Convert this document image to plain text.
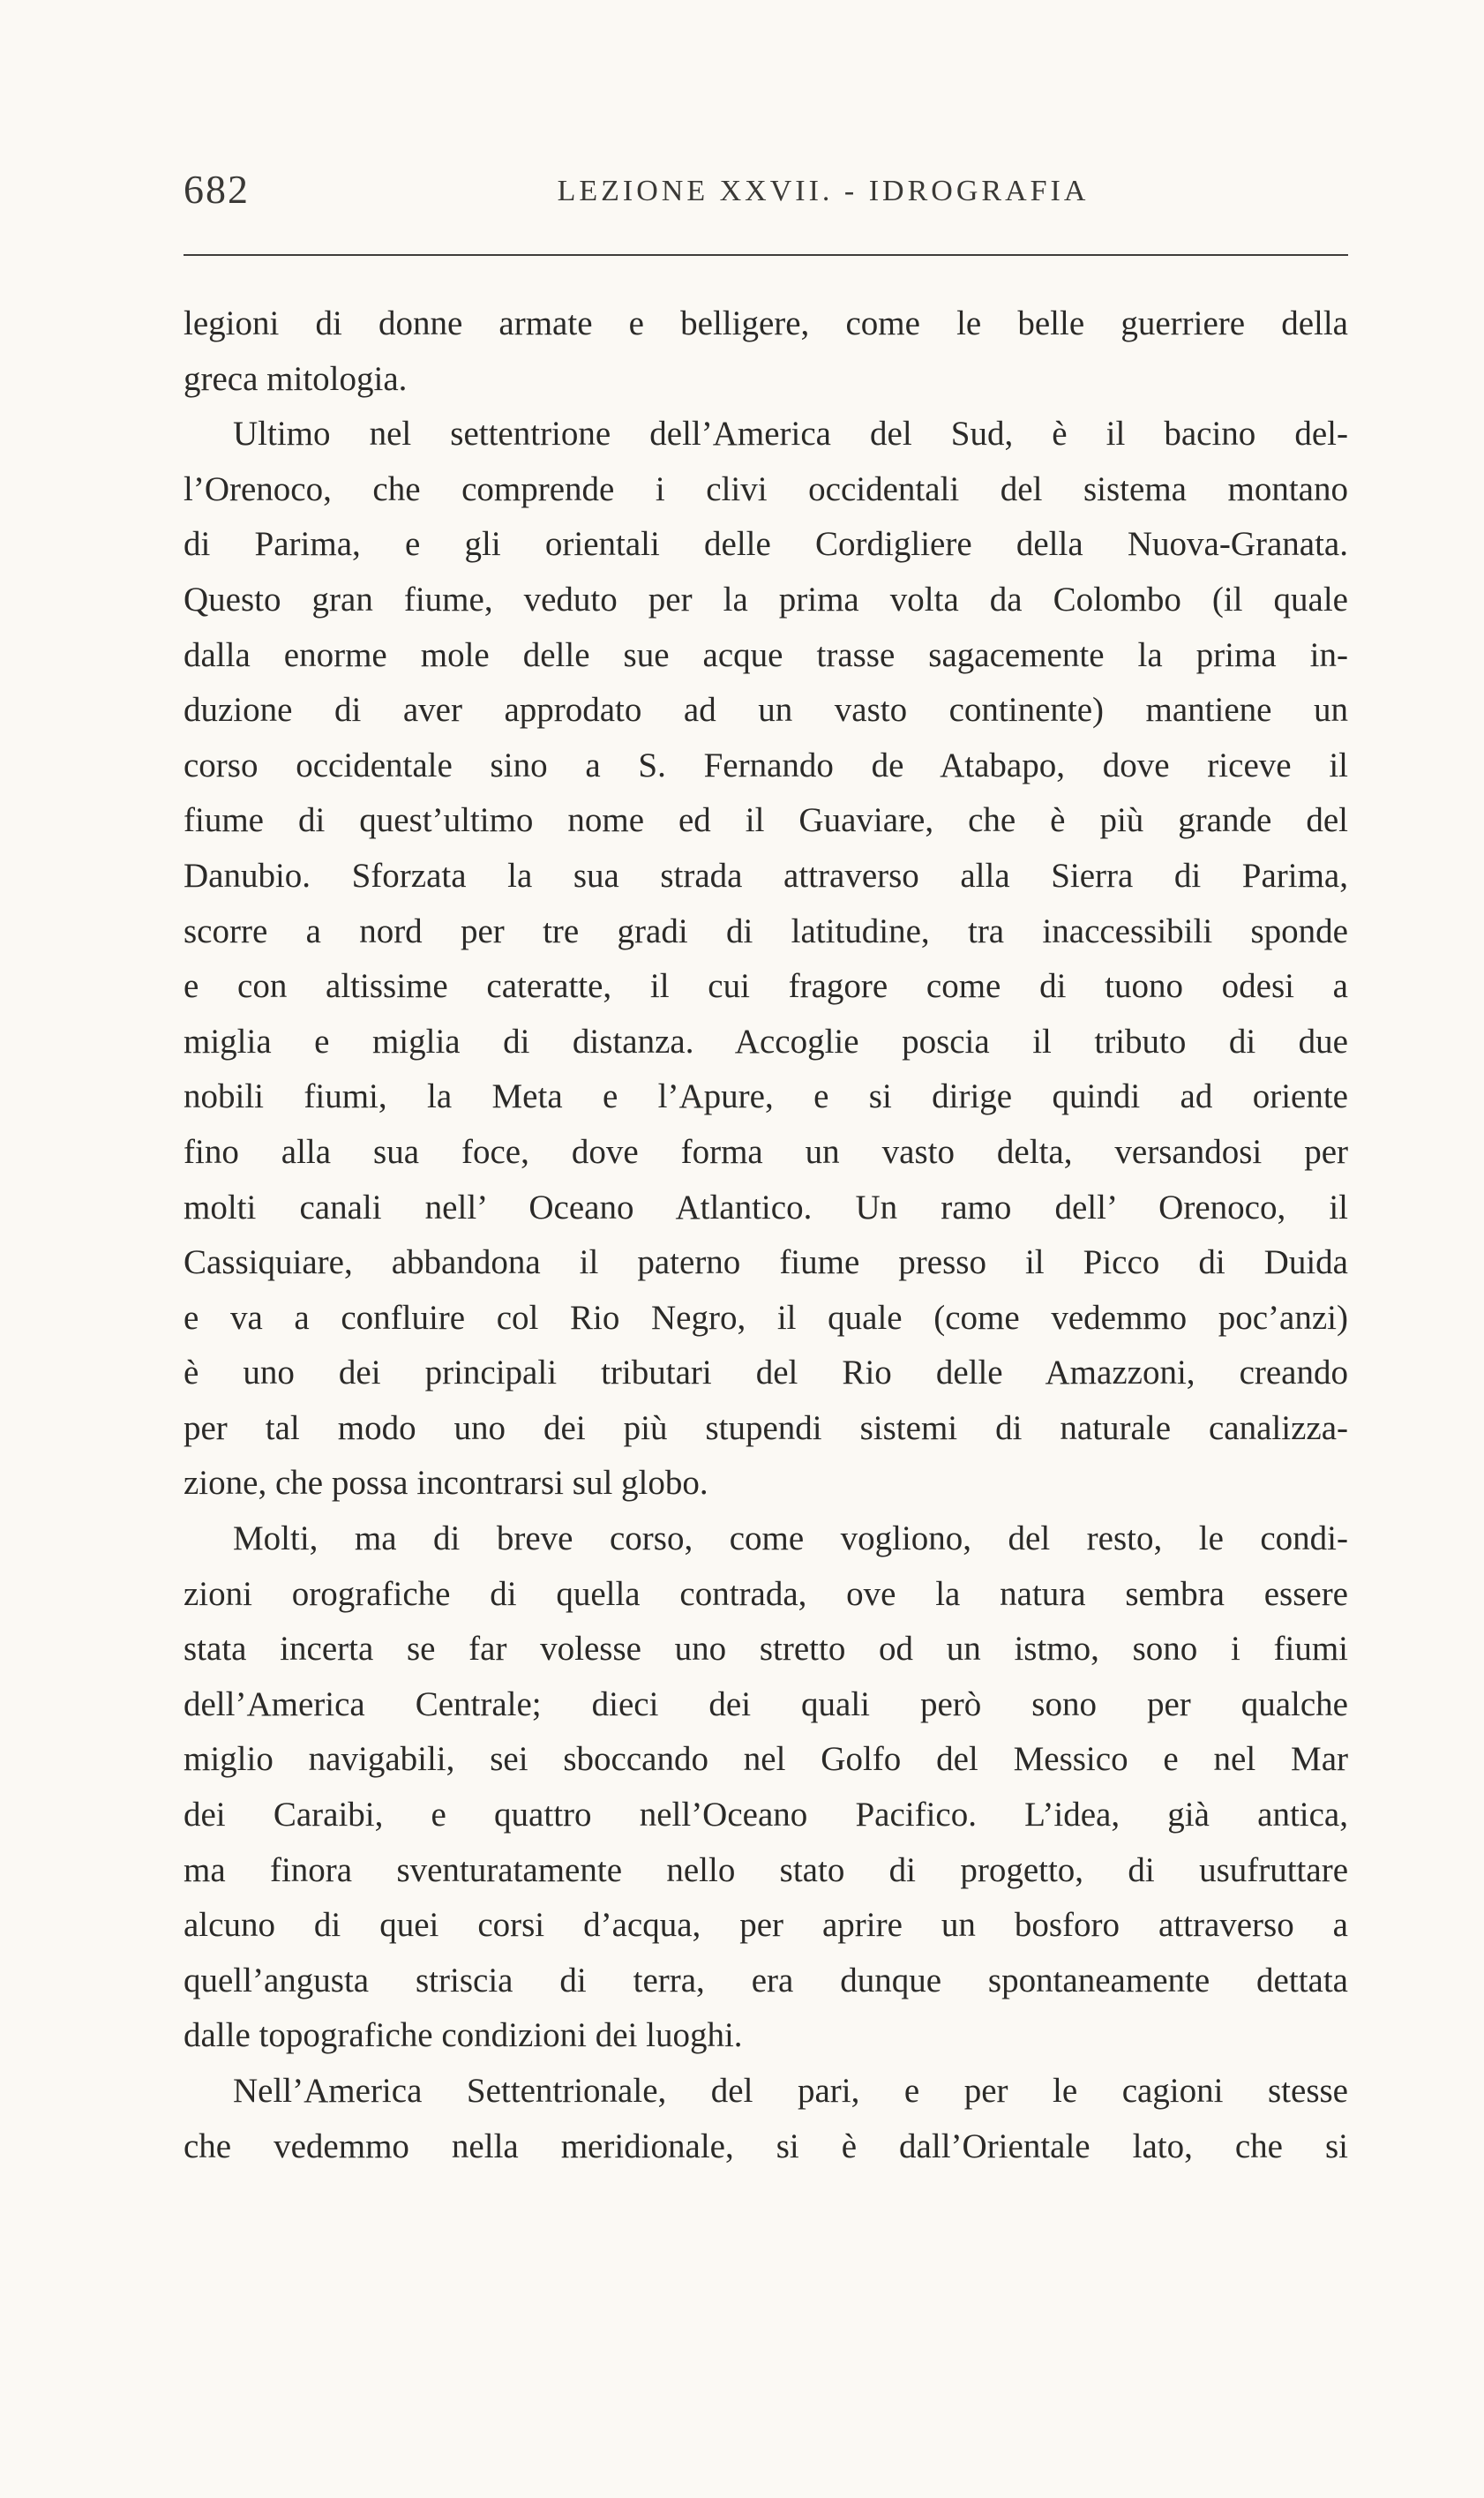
682	LEZIONE XXVII. - IDROGRAFIA
legioni di donne armate e belligere, come le belle guerriere della
greca mitologia.
Ultimo nel settentrione dell’America del Sud, è il bacino del-
l’Orenoco, che comprende i clivi occidentali del sistema montano
di Parima, e gli orientali delle Cordigliere della Nuova-Granata.
Questo gran fiume, veduto per la prima volta da Colombo (il quale
dalla enorme mole delle sue acque trasse sagacemente la prima in-
duzione di aver approdato ad un vasto continente) mantiene un
corso occidentale sino a S. Fernando de Atabapo, dove riceve il
fiume di quest’ultimo nome ed il Guaviare, che è più grande del
Danubio. Sforzata la sua strada attraverso alla Sierra di Parima,
scorre a nord per tre gradi di latitudine, tra inaccessibili sponde
e con altissime cateratte, il cui fragore come di tuono odesi a
miglia e miglia di distanza. Accoglie poscia il tributo di due
nobili fiumi, la Meta e l’Apure, e si dirige quindi ad oriente
fino alla sua foce, dove forma un vasto delta, versandosi per
molti canali nell’ Oceano Atlantico. Un ramo dell’ Orenoco, il
Cassiquiare, abbandona il paterno fiume presso il Picco di Duida
e va a confluire col Rio Negro, il quale (come vedemmo poc’anzi)
è uno dei principali tributari del Rio delle Amazzoni, creando
per tal modo uno dei più stupendi sistemi di naturale canalizza-
zione, che possa incontrarsi sul globo.
Molti, ma di breve corso, come vogliono, del resto, le condi-
zioni orografiche di quella contrada, ove la natura sembra essere
stata incerta se far volesse uno stretto od un istmo, sono i fiumi
dell’America Centrale; dieci dei quali però sono per qualche
miglio navigabili, sei sboccando nel Golfo del Messico e nel Mar
dei Caraibi, e quattro nell’Oceano Pacifico. L’idea, già antica,
ma finora sventuratamente nello stato di progetto, di usufruttare
alcuno di quei corsi d’acqua, per aprire un bosforo attraverso a
quell’angusta striscia di terra, era dunque spontaneamente dettata
dalle topografiche condizioni dei luoghi.
Nell’America Settentrionale, del pari, e per le cagioni stesse
che vedemmo nella meridionale, si è dall’Orientale lato, che si
